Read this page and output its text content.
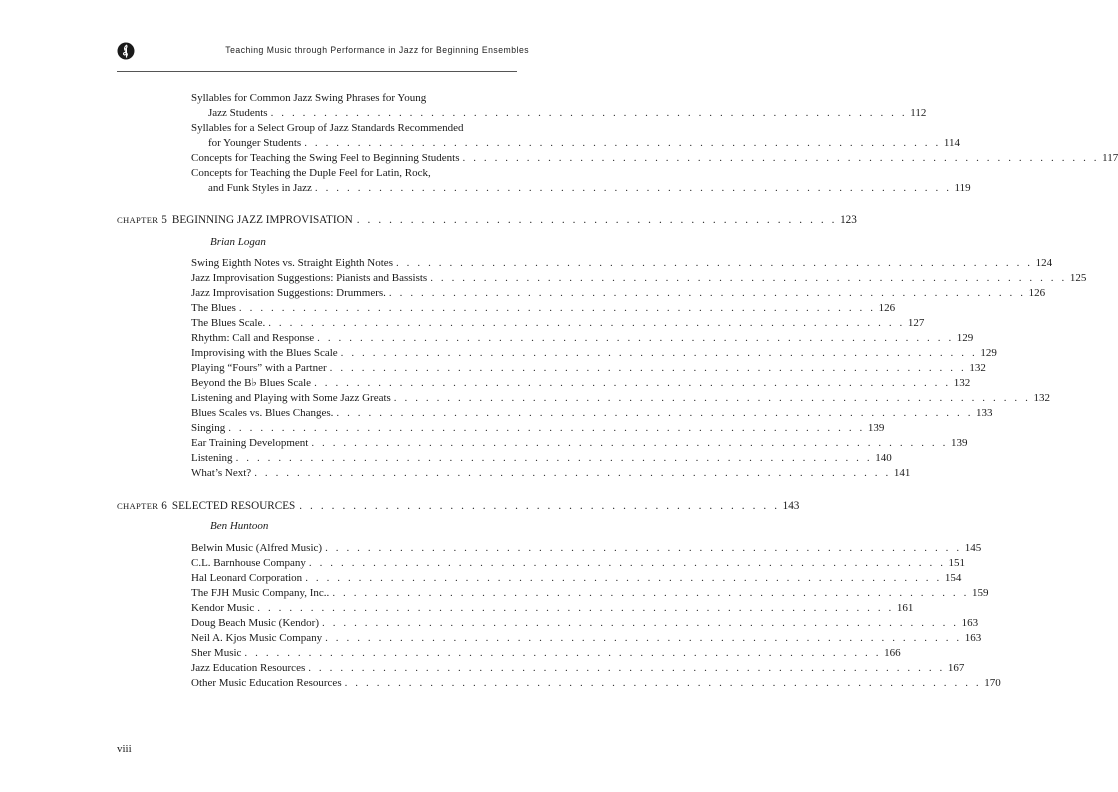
Teaching Music through Performance in Jazz for Beginning Ensembles
Syllables for Common Jazz Swing Phrases for Young
Jazz Students . . . . . . . . . . . . . . . . . . . . . . . . . . . . . . . . . . . . . . . . . . . . . . . . . . . . . . . . . . . . 112
Syllables for a Select Group of Jazz Standards Recommended
for Younger Students . . . . . . . . . . . . . . . . . . . . . . . . . . . . . . . . . . . . . . . . . . . . . . . . . . . . . . . . . . . . 114
Concepts for Teaching the Swing Feel to Beginning Students . . . . . . . . . . . . . . . . . . . . . . . . . . . . . . . . . . . . . . . . . . . . . . . . . . . . . . . . . . . . 117
Concepts for Teaching the Duple Feel for Latin, Rock,
and Funk Styles in Jazz . . . . . . . . . . . . . . . . . . . . . . . . . . . . . . . . . . . . . . . . . . . . . . . . . . . . . . . . . . . . 119
CHAPTER 5 BEGINNING JAZZ IMPROVISATION . . . . . . . . . . . . . . . . . . . . . . . . . . . . . . . . . . . . . . . . . . . . . 123
Brian Logan
Swing Eighth Notes vs. Straight Eighth Notes . . . . . . . . . . . . . . . . . . . . . . . . . . . . . . . . . . . . . . . . . . . . . . . . . . . . . . . . . . . . 124
Jazz Improvisation Suggestions: Pianists and Bassists . . . . . . . . . . . . . . . . . . . . . . . . . . . . . . . . . . . . . . . . . . . . . . . . . . . . . . . . . . . . 125
Jazz Improvisation Suggestions: Drummers. . . . . . . . . . . . . . . . . . . . . . . . . . . . . . . . . . . . . . . . . . . . . . . . . . . . . . . . . . . . . 126
The Blues . . . . . . . . . . . . . . . . . . . . . . . . . . . . . . . . . . . . . . . . . . . . . . . . . . . . . . . . . . . . 126
The Blues Scale. . . . . . . . . . . . . . . . . . . . . . . . . . . . . . . . . . . . . . . . . . . . . . . . . . . . . . . . . . . . . 127
Rhythm: Call and Response . . . . . . . . . . . . . . . . . . . . . . . . . . . . . . . . . . . . . . . . . . . . . . . . . . . . . . . . . . . . 129
Improvising with the Blues Scale . . . . . . . . . . . . . . . . . . . . . . . . . . . . . . . . . . . . . . . . . . . . . . . . . . . . . . . . . . . . 129
Playing “Fours” with a Partner . . . . . . . . . . . . . . . . . . . . . . . . . . . . . . . . . . . . . . . . . . . . . . . . . . . . . . . . . . . . 132
Beyond the B♭ Blues Scale . . . . . . . . . . . . . . . . . . . . . . . . . . . . . . . . . . . . . . . . . . . . . . . . . . . . . . . . . . . . 132
Listening and Playing with Some Jazz Greats . . . . . . . . . . . . . . . . . . . . . . . . . . . . . . . . . . . . . . . . . . . . . . . . . . . . . . . . . . . . 132
Blues Scales vs. Blues Changes. . . . . . . . . . . . . . . . . . . . . . . . . . . . . . . . . . . . . . . . . . . . . . . . . . . . . . . . . . . . . 133
Singing . . . . . . . . . . . . . . . . . . . . . . . . . . . . . . . . . . . . . . . . . . . . . . . . . . . . . . . . . . . . 139
Ear Training Development . . . . . . . . . . . . . . . . . . . . . . . . . . . . . . . . . . . . . . . . . . . . . . . . . . . . . . . . . . . . 139
Listening . . . . . . . . . . . . . . . . . . . . . . . . . . . . . . . . . . . . . . . . . . . . . . . . . . . . . . . . . . . . 140
What’s Next? . . . . . . . . . . . . . . . . . . . . . . . . . . . . . . . . . . . . . . . . . . . . . . . . . . . . . . . . . . . . 141
CHAPTER 6 SELECTED RESOURCES . . . . . . . . . . . . . . . . . . . . . . . . . . . . . . . . . . . . . . . . . . . . . 143
Ben Huntoon
Belwin Music (Alfred Music) . . . . . . . . . . . . . . . . . . . . . . . . . . . . . . . . . . . . . . . . . . . . . . . . . . . . . . . . . . . . 145
C.L. Barnhouse Company . . . . . . . . . . . . . . . . . . . . . . . . . . . . . . . . . . . . . . . . . . . . . . . . . . . . . . . . . . . . 151
Hal Leonard Corporation . . . . . . . . . . . . . . . . . . . . . . . . . . . . . . . . . . . . . . . . . . . . . . . . . . . . . . . . . . . . 154
The FJH Music Company, Inc.. . . . . . . . . . . . . . . . . . . . . . . . . . . . . . . . . . . . . . . . . . . . . . . . . . . . . . . . . . . . . 159
Kendor Music . . . . . . . . . . . . . . . . . . . . . . . . . . . . . . . . . . . . . . . . . . . . . . . . . . . . . . . . . . . . 161
Doug Beach Music (Kendor) . . . . . . . . . . . . . . . . . . . . . . . . . . . . . . . . . . . . . . . . . . . . . . . . . . . . . . . . . . . . 163
Neil A. Kjos Music Company . . . . . . . . . . . . . . . . . . . . . . . . . . . . . . . . . . . . . . . . . . . . . . . . . . . . . . . . . . . . 163
Sher Music . . . . . . . . . . . . . . . . . . . . . . . . . . . . . . . . . . . . . . . . . . . . . . . . . . . . . . . . . . . . 166
Jazz Education Resources . . . . . . . . . . . . . . . . . . . . . . . . . . . . . . . . . . . . . . . . . . . . . . . . . . . . . . . . . . . . 167
Other Music Education Resources . . . . . . . . . . . . . . . . . . . . . . . . . . . . . . . . . . . . . . . . . . . . . . . . . . . . . . . . . . . . 170
viii
